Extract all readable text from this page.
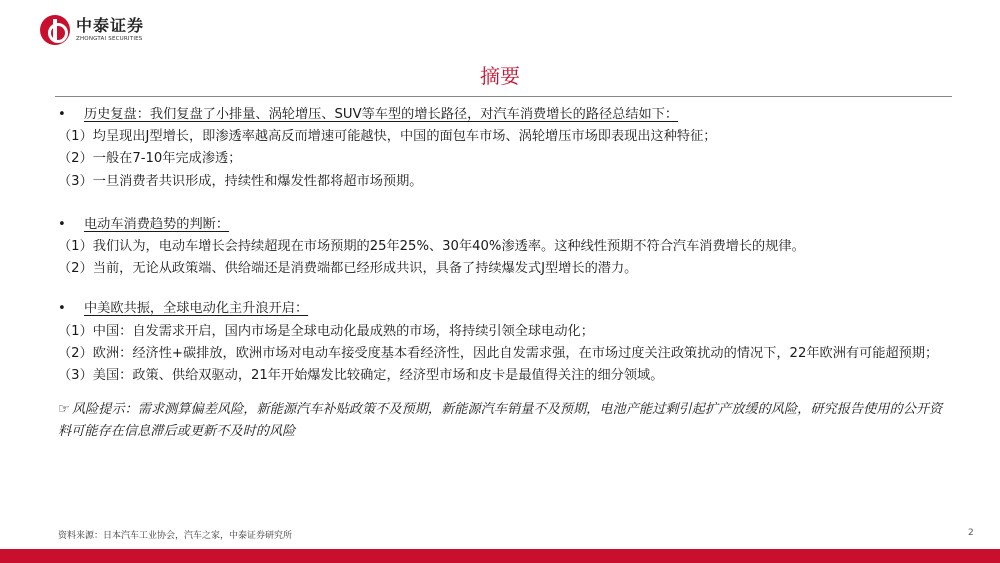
中泰证券
ZHONGTAI SECURITIES
摘要
• 历史复盘：我们复盘了小排量、涡轮增压、SUV等车型的增长路径，对汽车消费增长的路径总结如下：
（1）均呈现出J型增长，即渗透率越高反而增速可能越快，中国的面包车市场、涡轮增压市场即表现出这种特征；
（2）一般在7-10年完成渗透；
（3）一旦消费者共识形成，持续性和爆发性都将超市场预期。
• 电动车消费趋势的判断：
（1）我们认为，电动车增长会持续超现在市场预期的25年25%、30年40%渗透率。这种线性预期不符合汽车消费增长的规律。
（2）当前，无论从政策端、供给端还是消费端都已经形成共识，具备了持续爆发式J型增长的潜力。
• 中美欧共振，全球电动化主升浪开启：
（1）中国：自发需求开启，国内市场是全球电动化最成熟的市场，将持续引领全球电动化；
（2）欧洲：经济性+碳排放，欧洲市场对电动车接受度基本看经济性，因此自发需求强，在市场过度关注政策扰动的情况下，22年欧洲有可能超预期；
（3）美国：政策、供给双驱动，21年开始爆发比较确定，经济型市场和皮卡是最值得关注的细分领域。
☞ 风险提示：需求测算偏差风险，新能源汽车补贴政策不及预期，新能源汽车销量不及预期，电池产能过剩引起扩产放缓的风险，研究报告使用的公开资料可能存在信息滞后或更新不及时的风险
资料来源：日本汽车工业协会，汽车之家，中泰证券研究所	2
